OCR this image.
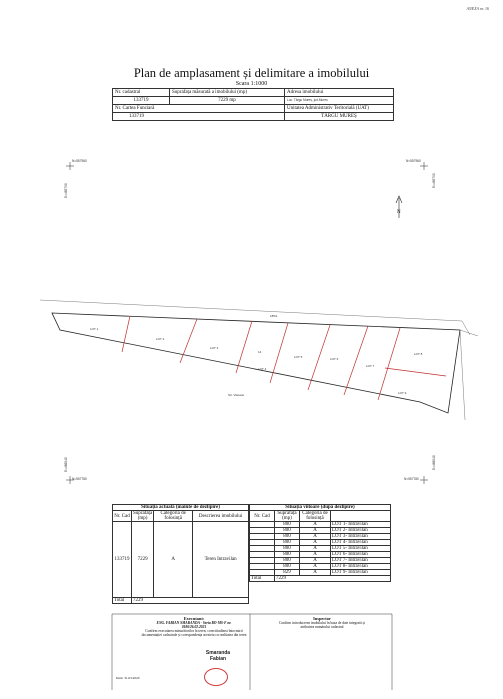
ANEXA nr. 16
Plan de amplasament și delimitare a imobilului
Scara 1:1000
Nr. cadastral	Suprafața măsurată a imobilului (mp)	Adresa imobilului
133719	7229 mp	Loc. Târgu Mureș, jud.Mureș
Nr. Cartea Funciară		Unitatea Administrativ Teritorială (UAT)
133719		TÂRGU MUREȘ
N=557960	N=557960
N=557780	N=557780
E=465790
E=465790
E=466040	E=466040
N
LOT 1
LOT 2
LOT 3
14
LOT 4
LOT 5	LOT 6
LOT 7
LOT 8
LOT 9
185/1
Str. Viitoarei
Situația actuală (înainte de dezlipire)			
Nr. Cad	Suprafața (mp)	Categoria de folosință	Descrierea imobilului
133719	7229	A	Teren Intravilan
Total	7229		
Situația viitoare (după dezlipire)			
Nr. Cad	Suprafața (mp)	Categoria de folosință	
	800	A	LOT 1- Intravilan
	800	A	LOT 2- Intravilan
	800	A	LOT 3- Intravilan
	800	A	LOT 4- Intravilan
	800	A	LOT 5- Intravilan
	800	A	LOT 6- Intravilan
	800	A	LOT 7- Intravilan
	800	A	LOT 8- Intravilan
	829	A	LOT 9- Intravilan
Total	7229		
Executant:
ENG. FABIAN SMARANDA - Seria RO-MS-F nr.
0186/26.02.2021
Confirm executarea măsurătorilor la teren, corectitudinea întocmirii documentației cadastrale și corespondența acesteia cu realitatea din teren
Smaranda
Fabian
Data: 31.03.2020
Inspector
Confirm introducerea imobilului în baza de date integrată și atribuirea numărului cadastral
